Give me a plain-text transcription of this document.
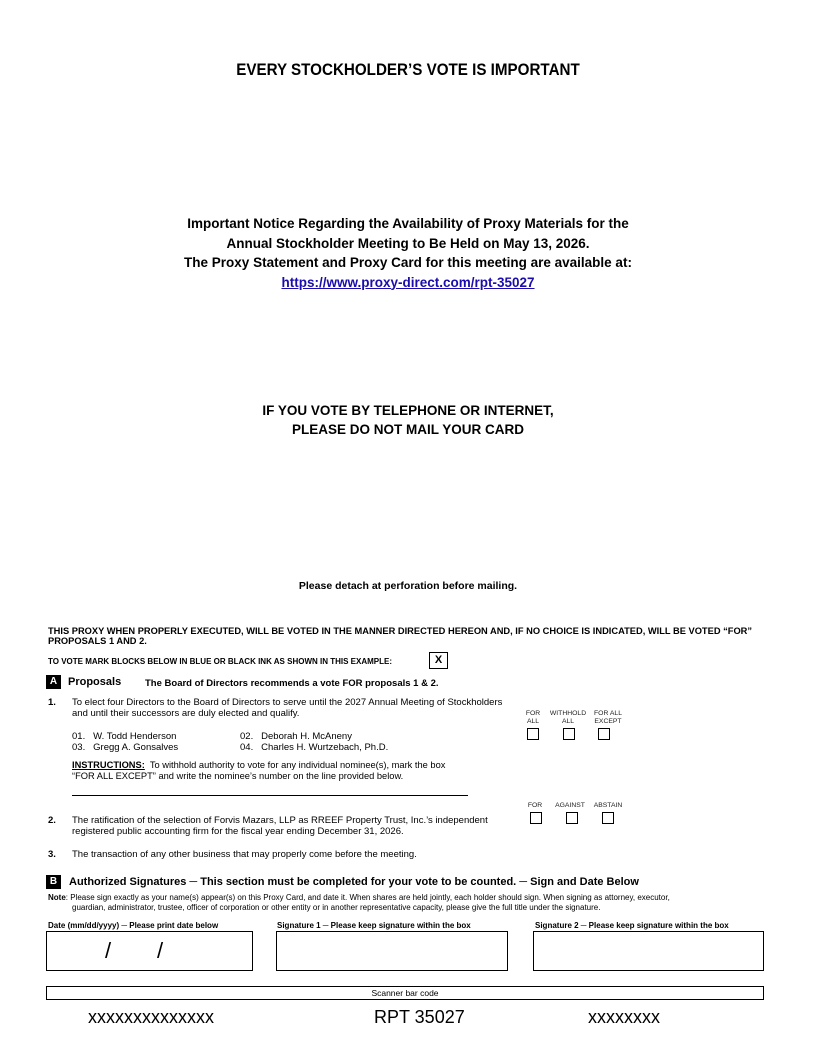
EVERY STOCKHOLDER’S VOTE IS IMPORTANT
Important Notice Regarding the Availability of Proxy Materials for the
Annual Stockholder Meeting to Be Held on May 13, 2026.
The Proxy Statement and Proxy Card for this meeting are available at:
https://www.proxy-direct.com/rpt-35027
IF YOU VOTE BY TELEPHONE OR INTERNET,
PLEASE DO NOT MAIL YOUR CARD
Please detach at perforation before mailing.
THIS PROXY WHEN PROPERLY EXECUTED, WILL BE VOTED IN THE MANNER DIRECTED HEREON AND, IF NO CHOICE IS INDICATED, WILL BE VOTED “FOR” PROPOSALS 1 AND 2.
TO VOTE MARK BLOCKS BELOW IN BLUE OR BLACK INK AS SHOWN IN THIS EXAMPLE:	X
A Proposals	The Board of Directors recommends a vote FOR proposals 1 & 2.
1. To elect four Directors to the Board of Directors to serve until the 2027 Annual Meeting of Stockholders
and until their successors are duly elected and qualify.	FOR ALL
WITHHOLD ALL
FOR ALL EXCEPT
01. W. Todd Henderson	02. Deborah H. McAneny
03. Gregg A. Gonsalves	04. Charles H. Wurtzebach, Ph.D.
INSTRUCTIONS: To withhold authority to vote for any individual nominee(s), mark the box
“FOR ALL EXCEPT” and write the nominee’s number on the line provided below.
FOR	AGAINST	ABSTAIN
2. The ratification of the selection of Forvis Mazars, LLP as RREEF Property Trust, Inc.’s independent
registered public accounting firm for the fiscal year ending December 31, 2026.
3. The transaction of any other business that may properly come before the meeting.
B	Authorized Signatures ─ This section must be completed for your vote to be counted. ─ Sign and Date Below
Note: Please sign exactly as your name(s) appear(s) on this Proxy Card, and date it. When shares are held jointly, each holder should sign. When signing as attorney, executor,
guardian, administrator, trustee, officer of corporation or other entity or in another representative capacity, please give the full title under the signature.
Date (mm/dd/yyyy) ─ Please print date below	Signature 1 ─ Please keep signature within the box	Signature 2 ─ Please keep signature within the box
/ /
Scanner bar code
xxxxxxxxxxxxxx	RPT 35027	xxxxxxxx
